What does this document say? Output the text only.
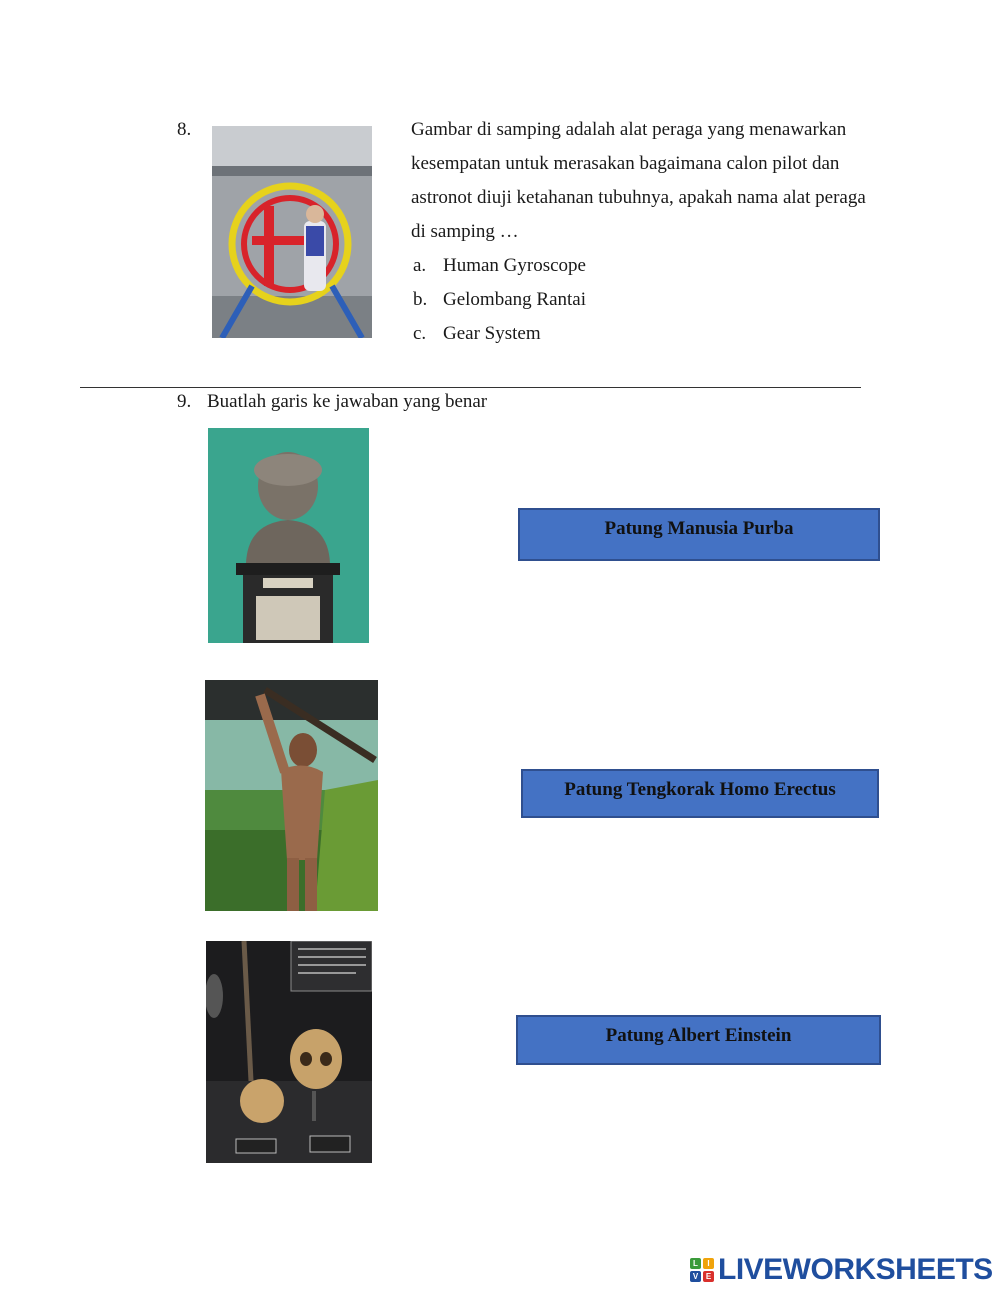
8.	Gambar di samping adalah alat peraga yang menawarkan
kesempatan untuk merasakan bagaimana calon pilot dan
astronot diuji ketahanan tubuhnya, apakah nama alat peraga
di samping …
a. Human Gyroscope
b. Gelombang Rantai
c. Gear System
9. Buatlah garis ke jawaban yang benar
Patung Manusia Purba
Patung Tengkorak Homo Erectus
Patung Albert Einstein
L	I
V E LIVEWORKSHEETS
